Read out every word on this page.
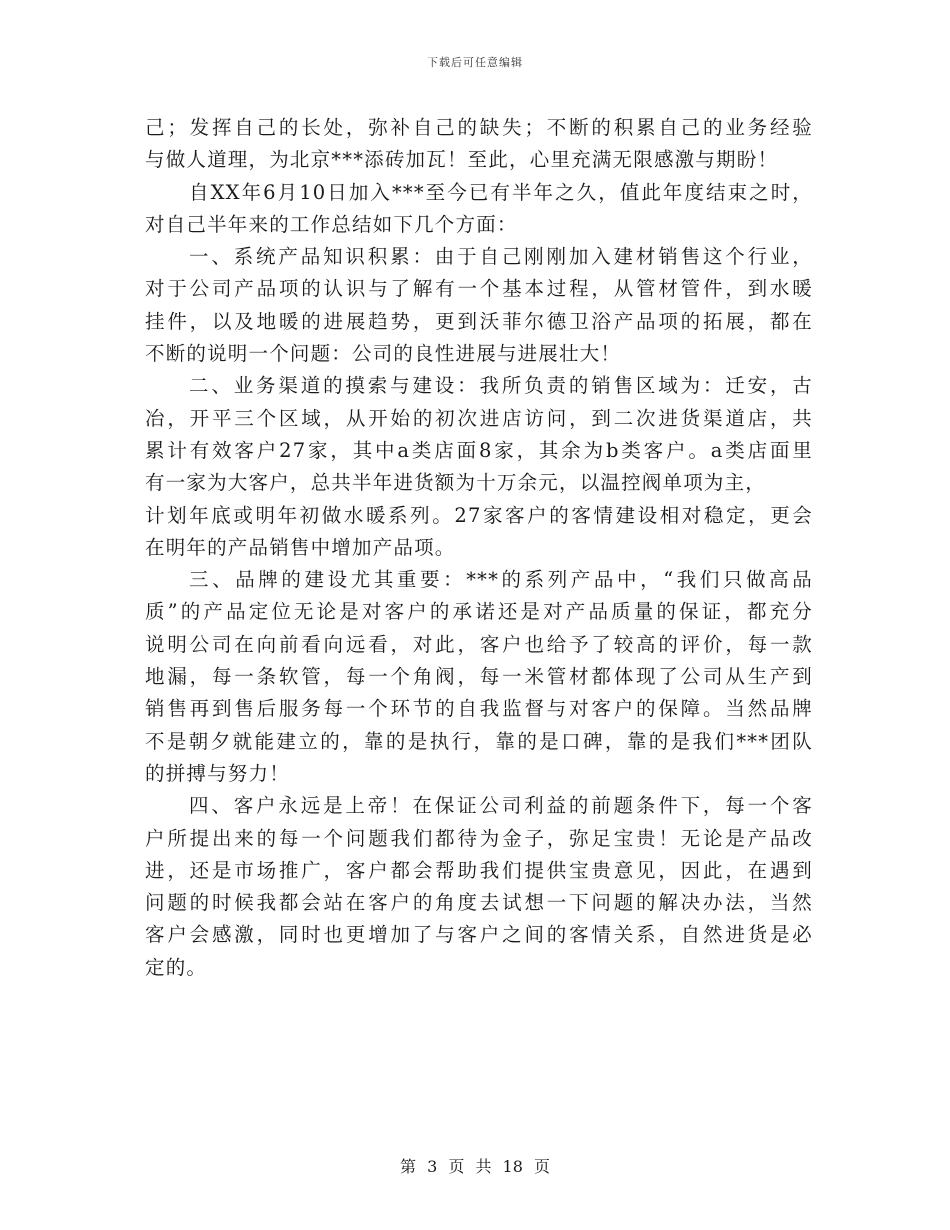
下载后可任意编辑
己；发挥自己的长处，弥补自己的缺失；不断的积累自己的业务经验
与做人道理，为北京***添砖加瓦！至此，心里充满无限感激与期盼！
自XX年6月10日加入***至今已有半年之久，值此年度结束之时，
对自己半年来的工作总结如下几个方面：
一、系统产品知识积累：由于自己刚刚加入建材销售这个行业，
对于公司产品项的认识与了解有一个基本过程，从管材管件，到水暖
挂件，以及地暖的进展趋势，更到沃菲尔德卫浴产品项的拓展，都在
不断的说明一个问题：公司的良性进展与进展壮大！
二、业务渠道的摸索与建设：我所负责的销售区域为：迁安，古
冶，开平三个区域，从开始的初次进店访问，到二次进货渠道店，共
累计有效客户27家，其中a类店面8家，其余为b类客户。a类店面里
有一家为大客户，总共半年进货额为十万余元，以温控阀单项为主，
计划年底或明年初做水暖系列。27家客户的客情建设相对稳定，更会
在明年的产品销售中增加产品项。
三、品牌的建设尤其重要：***的系列产品中，“我们只做高品
质”的产品定位无论是对客户的承诺还是对产品质量的保证，都充分
说明公司在向前看向远看，对此，客户也给予了较高的评价，每一款
地漏，每一条软管，每一个角阀，每一米管材都体现了公司从生产到
销售再到售后服务每一个环节的自我监督与对客户的保障。当然品牌
不是朝夕就能建立的，靠的是执行，靠的是口碑，靠的是我们***团队
的拼搏与努力！
四、客户永远是上帝！在保证公司利益的前题条件下，每一个客
户所提出来的每一个问题我们都待为金子，弥足宝贵！无论是产品改
进，还是市场推广，客户都会帮助我们提供宝贵意见，因此，在遇到
问题的时候我都会站在客户的角度去试想一下问题的解决办法，当然
客户会感激，同时也更增加了与客户之间的客情关系，自然进货是必
定的。
第 3 页 共 18 页
